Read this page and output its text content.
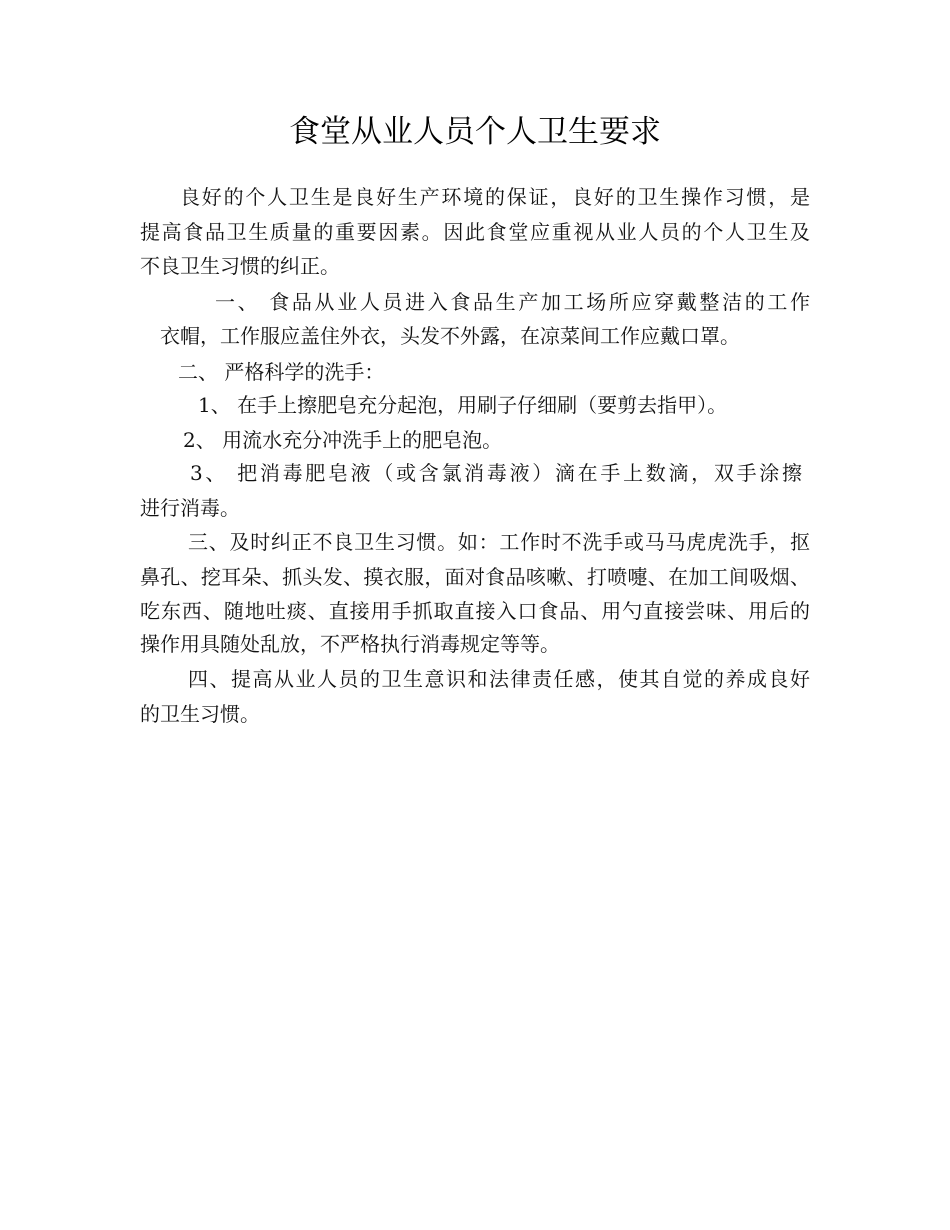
食堂从业人员个人卫生要求
良好的个人卫生是良好生产环境的保证，良好的卫生操作习惯，是
提高食品卫生质量的重要因素。因此食堂应重视从业人员的个人卫生及
不良卫生习惯的纠正。
一、 食品从业人员进入食品生产加工场所应穿戴整洁的工作
衣帽，工作服应盖住外衣，头发不外露，在凉菜间工作应戴口罩。
二、 严格科学的洗手：
1、 在手上擦肥皂充分起泡，用刷子仔细刷（要剪去指甲）。
2、 用流水充分冲洗手上的肥皂泡。
3、 把消毒肥皂液（或含氯消毒液）滴在手上数滴，双手涂擦
进行消毒。
三、及时纠正不良卫生习惯。如：工作时不洗手或马马虎虎洗手，抠
鼻孔、挖耳朵、抓头发、摸衣服，面对食品咳嗽、打喷嚏、在加工间吸烟、
吃东西、随地吐痰、直接用手抓取直接入口食品、用勺直接尝味、用后的
操作用具随处乱放，不严格执行消毒规定等等。
四、提高从业人员的卫生意识和法律责任感，使其自觉的养成良好
的卫生习惯。
